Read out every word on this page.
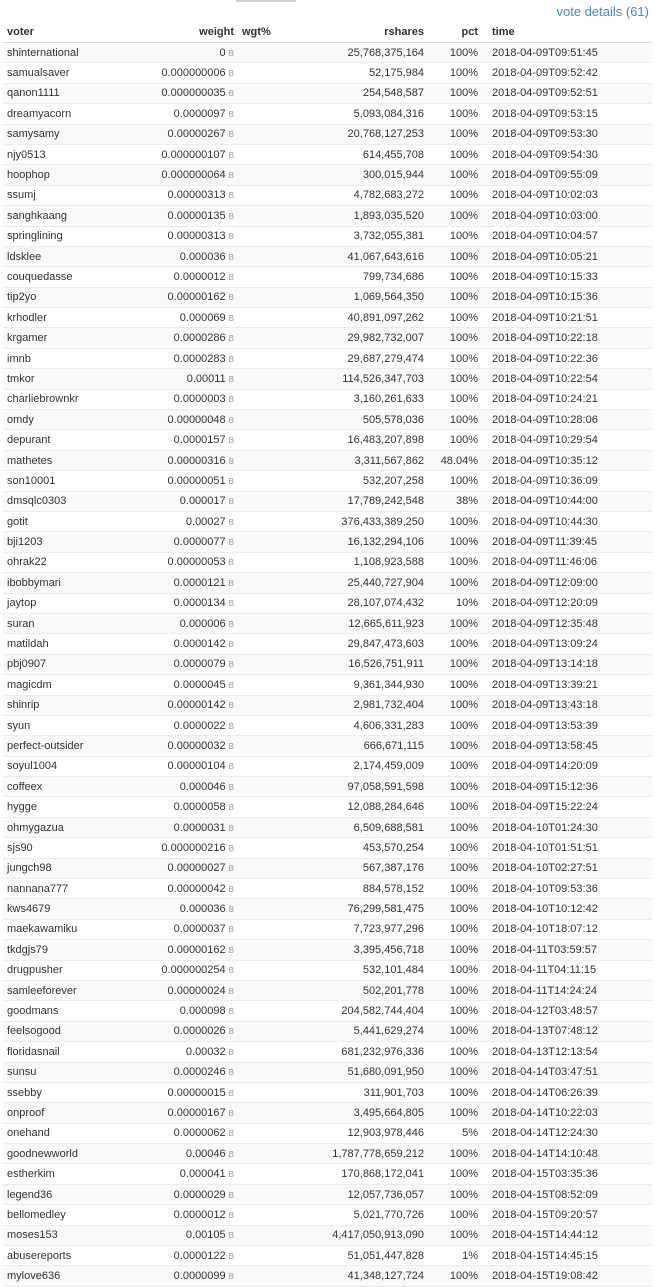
vote details (61)
voter	weight	wgt%	rshares	pct	time
shinternational	0 B		25,768,375,164	100%	2018-04-09T09:51:45
samualsaver	0.000000006 B		52,175,984	100%	2018-04-09T09:52:42
qanon1111	0.000000035 B		254,548,587	100%	2018-04-09T09:52:51
dreamyacorn	0.0000097 B		5,093,084,316	100%	2018-04-09T09:53:15
samysamy	0.00000267 B		20,768,127,253	100%	2018-04-09T09:53:30
njy0513	0.000000107 B		614,455,708	100%	2018-04-09T09:54:30
hoophop	0.000000064 B		300,015,944	100%	2018-04-09T09:55:09
ssumj	0.00000313 B		4,782,683,272	100%	2018-04-09T10:02:03
sanghkaang	0.00000135 B		1,893,035,520	100%	2018-04-09T10:03:00
springlining	0.00000313 B		3,732,055,381	100%	2018-04-09T10:04:57
ldsklee	0.000036 B		41,067,643,616	100%	2018-04-09T10:05:21
couquedasse	0.0000012 B		799,734,686	100%	2018-04-09T10:15:33
tip2yo	0.00000162 B		1,069,564,350	100%	2018-04-09T10:15:36
krhodler	0.000069 B		40,891,097,262	100%	2018-04-09T10:21:51
krgamer	0.0000286 B		29,982,732,007	100%	2018-04-09T10:22:18
imnb	0.0000283 B		29,687,279,474	100%	2018-04-09T10:22:36
tmkor	0.00011 B		114,526,347,703	100%	2018-04-09T10:22:54
charliebrownkr	0.0000003 B		3,160,261,633	100%	2018-04-09T10:24:21
omdy	0.00000048 B		505,578,036	100%	2018-04-09T10:28:06
depurant	0.0000157 B		16,483,207,898	100%	2018-04-09T10:29:54
mathetes	0.00000316 B		3,311,567,862	48.04%	2018-04-09T10:35:12
son10001	0.00000051 B		532,207,258	100%	2018-04-09T10:36:09
dmsqlc0303	0.000017 B		17,789,242,548	38%	2018-04-09T10:44:00
gotit	0.00027 B		376,433,389,250	100%	2018-04-09T10:44:30
bji1203	0.0000077 B		16,132,294,106	100%	2018-04-09T11:39:45
ohrak22	0.00000053 B		1,108,923,588	100%	2018-04-09T11:46:06
ibobbymari	0.0000121 B		25,440,727,904	100%	2018-04-09T12:09:00
jaytop	0.0000134 B		28,107,074,432	10%	2018-04-09T12:20:09
suran	0.000006 B		12,665,611,923	100%	2018-04-09T12:35:48
matildah	0.0000142 B		29,847,473,603	100%	2018-04-09T13:09:24
pbj0907	0.0000079 B		16,526,751,911	100%	2018-04-09T13:14:18
magicdm	0.0000045 B		9,361,344,930	100%	2018-04-09T13:39:21
shinrip	0.00000142 B		2,981,732,404	100%	2018-04-09T13:43:18
syun	0.0000022 B		4,606,331,283	100%	2018-04-09T13:53:39
perfect-outsider	0.00000032 B		666,671,115	100%	2018-04-09T13:58:45
soyul1004	0.00000104 B		2,174,459,009	100%	2018-04-09T14:20:09
coffeex	0.000046 B		97,058,591,598	100%	2018-04-09T15:12:36
hygge	0.0000058 B		12,088,284,646	100%	2018-04-09T15:22:24
ohmygazua	0.0000031 B		6,509,688,581	100%	2018-04-10T01:24:30
sjs90	0.000000216 B		453,570,254	100%	2018-04-10T01:51:51
jungch98	0.00000027 B		567,387,176	100%	2018-04-10T02:27:51
nannana777	0.00000042 B		884,578,152	100%	2018-04-10T09:53:36
kws4679	0.000036 B		76,299,581,475	100%	2018-04-10T10:12:42
maekawamiku	0.0000037 B		7,723,977,296	100%	2018-04-10T18:07:12
tkdgjs79	0.00000162 B		3,395,456,718	100%	2018-04-11T03:59:57
drugpusher	0.000000254 B		532,101,484	100%	2018-04-11T04:11:15
samleeforever	0.00000024 B		502,201,778	100%	2018-04-11T14:24:24
goodmans	0.000098 B		204,582,744,404	100%	2018-04-12T03:48:57
feelsogood	0.0000026 B		5,441,629,274	100%	2018-04-13T07:48:12
floridasnail	0.00032 B		681,232,976,336	100%	2018-04-13T12:13:54
sunsu	0.0000246 B		51,680,091,950	100%	2018-04-14T03:47:51
ssebby	0.00000015 B		311,901,703	100%	2018-04-14T06:26:39
onproof	0.00000167 B		3,495,664,805	100%	2018-04-14T10:22:03
onehand	0.0000062 B		12,903,978,446	5%	2018-04-14T12:24:30
goodnewworld	0.00046 B		1,787,778,659,212	100%	2018-04-14T14:10:48
estherkim	0.000041 B		170,868,172,041	100%	2018-04-15T03:35:36
legend36	0.0000029 B		12,057,736,057	100%	2018-04-15T08:52:09
bellomedley	0.0000012 B		5,021,770,726	100%	2018-04-15T09:20:57
moses153	0.00105 B		4,417,050,913,090	100%	2018-04-15T14:44:12
abusereports	0.0000122 B		51,051,447,828	1%	2018-04-15T14:45:15
mylove636	0.0000099 B		41,348,127,724	100%	2018-04-15T19:08:42
